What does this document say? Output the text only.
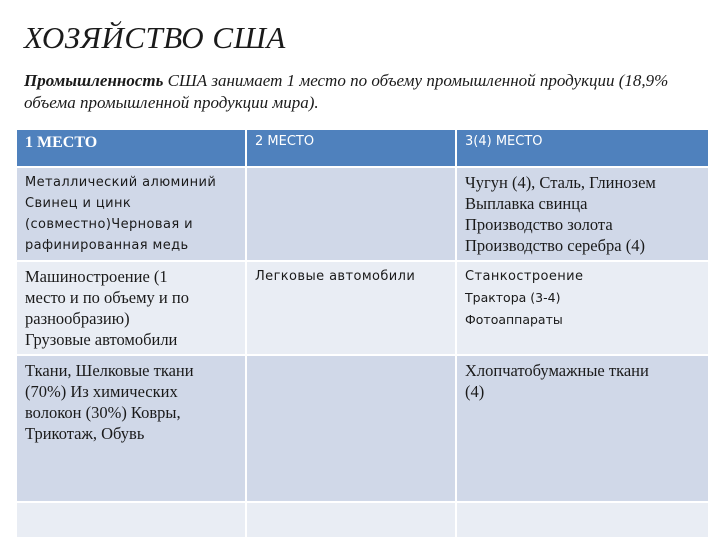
ХОЗЯЙСТВО США
Промышленность США занимает 1 место по объему промышленной продукции (18,9% объема промышленной продукции мира).
1 МЕСТО	2 МЕСТО	3(4) МЕСТО

Металлический алюминий
Свинец и цинк
(совместно)Черновая и
рафинированная медь		Чугун (4), Сталь, Глинозем
Выплавка свинца
Производство золота
Производство серебра (4)

Машиностроение (1
место и по объему и по
разнообразию)
Грузовые автомобили	Легковые автомобили	Станкостроение
Трактора (3-4)
Фотоаппараты

Ткани, Шелковые ткани
(70%) Из химических
волокон (30%) Ковры,
Трикотаж, Обувь		Хлопчатобумажные ткани
(4)
